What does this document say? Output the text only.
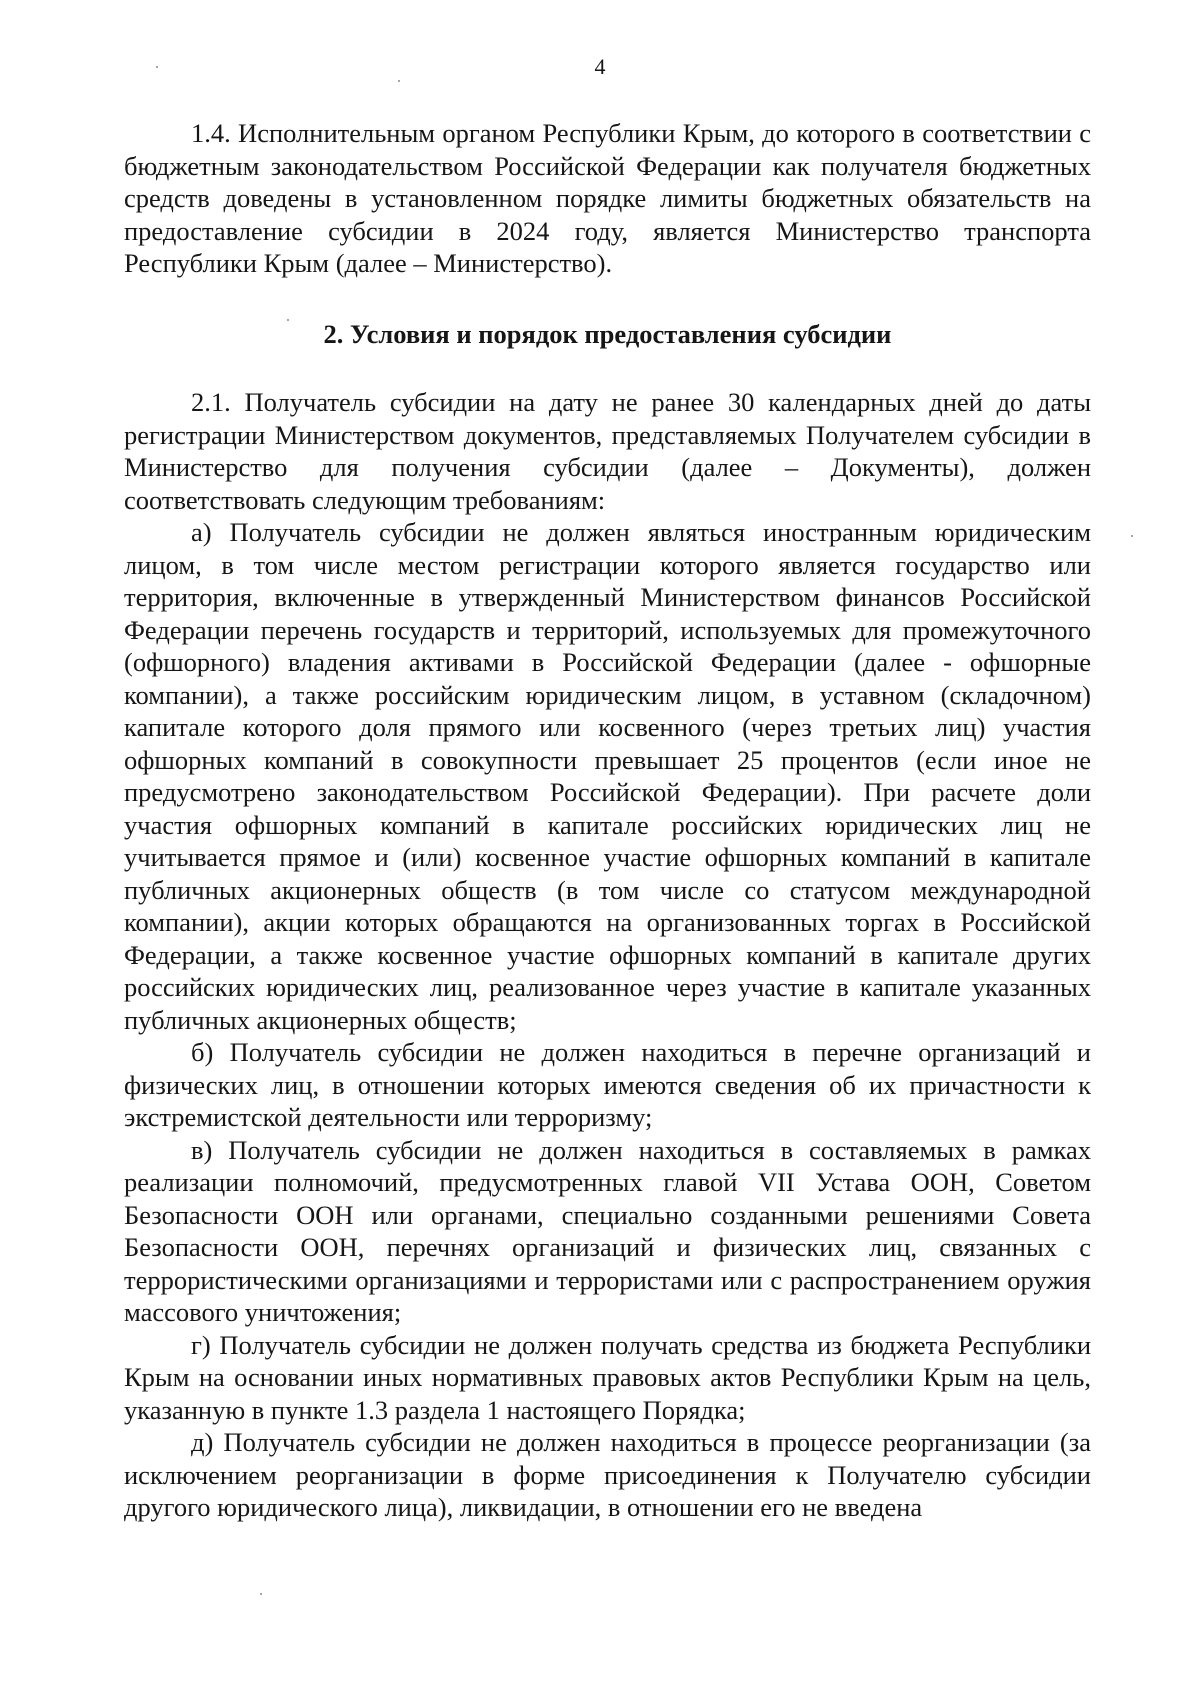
4

1.4. Исполнительным органом Республики Крым, до которого в соответствии с бюджетным законодательством Российской Федерации как получателя бюджетных средств доведены в установленном порядке лимиты бюджетных обязательств на предоставление субсидии в 2024 году, является Министерство транспорта Республики Крым (далее – Министерство).

2. Условия и порядок предоставления субсидии

2.1. Получатель субсидии на дату не ранее 30 календарных дней до даты регистрации Министерством документов, представляемых Получателем субсидии в Министерство для получения субсидии (далее – Документы), должен соответствовать следующим требованиям:

а) Получатель субсидии не должен являться иностранным юридическим лицом, в том числе местом регистрации которого является государство или территория, включенные в утвержденный Министерством финансов Российской Федерации перечень государств и территорий, используемых для промежуточного (офшорного) владения активами в Российской Федерации (далее - офшорные компании), а также российским юридическим лицом, в уставном (складочном) капитале которого доля прямого или косвенного (через третьих лиц) участия офшорных компаний в совокупности превышает 25 процентов (если иное не предусмотрено законодательством Российской Федерации). При расчете доли участия офшорных компаний в капитале российских юридических лиц не учитывается прямое и (или) косвенное участие офшорных компаний в капитале публичных акционерных обществ (в том числе со статусом международной компании), акции которых обращаются на организованных торгах в Российской Федерации, а также косвенное участие офшорных компаний в капитале других российских юридических лиц, реализованное через участие в капитале указанных публичных акционерных обществ;

б) Получатель субсидии не должен находиться в перечне организаций и физических лиц, в отношении которых имеются сведения об их причастности к экстремистской деятельности или терроризму;

в) Получатель субсидии не должен находиться в составляемых в рамках реализации полномочий, предусмотренных главой VII Устава ООН, Советом Безопасности ООН или органами, специально созданными решениями Совета Безопасности ООН, перечнях организаций и физических лиц, связанных с террористическими организациями и террористами или с распространением оружия массового уничтожения;

г) Получатель субсидии не должен получать средства из бюджета Республики Крым на основании иных нормативных правовых актов Республики Крым на цель, указанную в пункте 1.3 раздела 1 настоящего Порядка;

д) Получатель субсидии не должен находиться в процессе реорганизации (за исключением реорганизации в форме присоединения к Получателю субсидии другого юридического лица), ликвидации, в отношении его не введена
